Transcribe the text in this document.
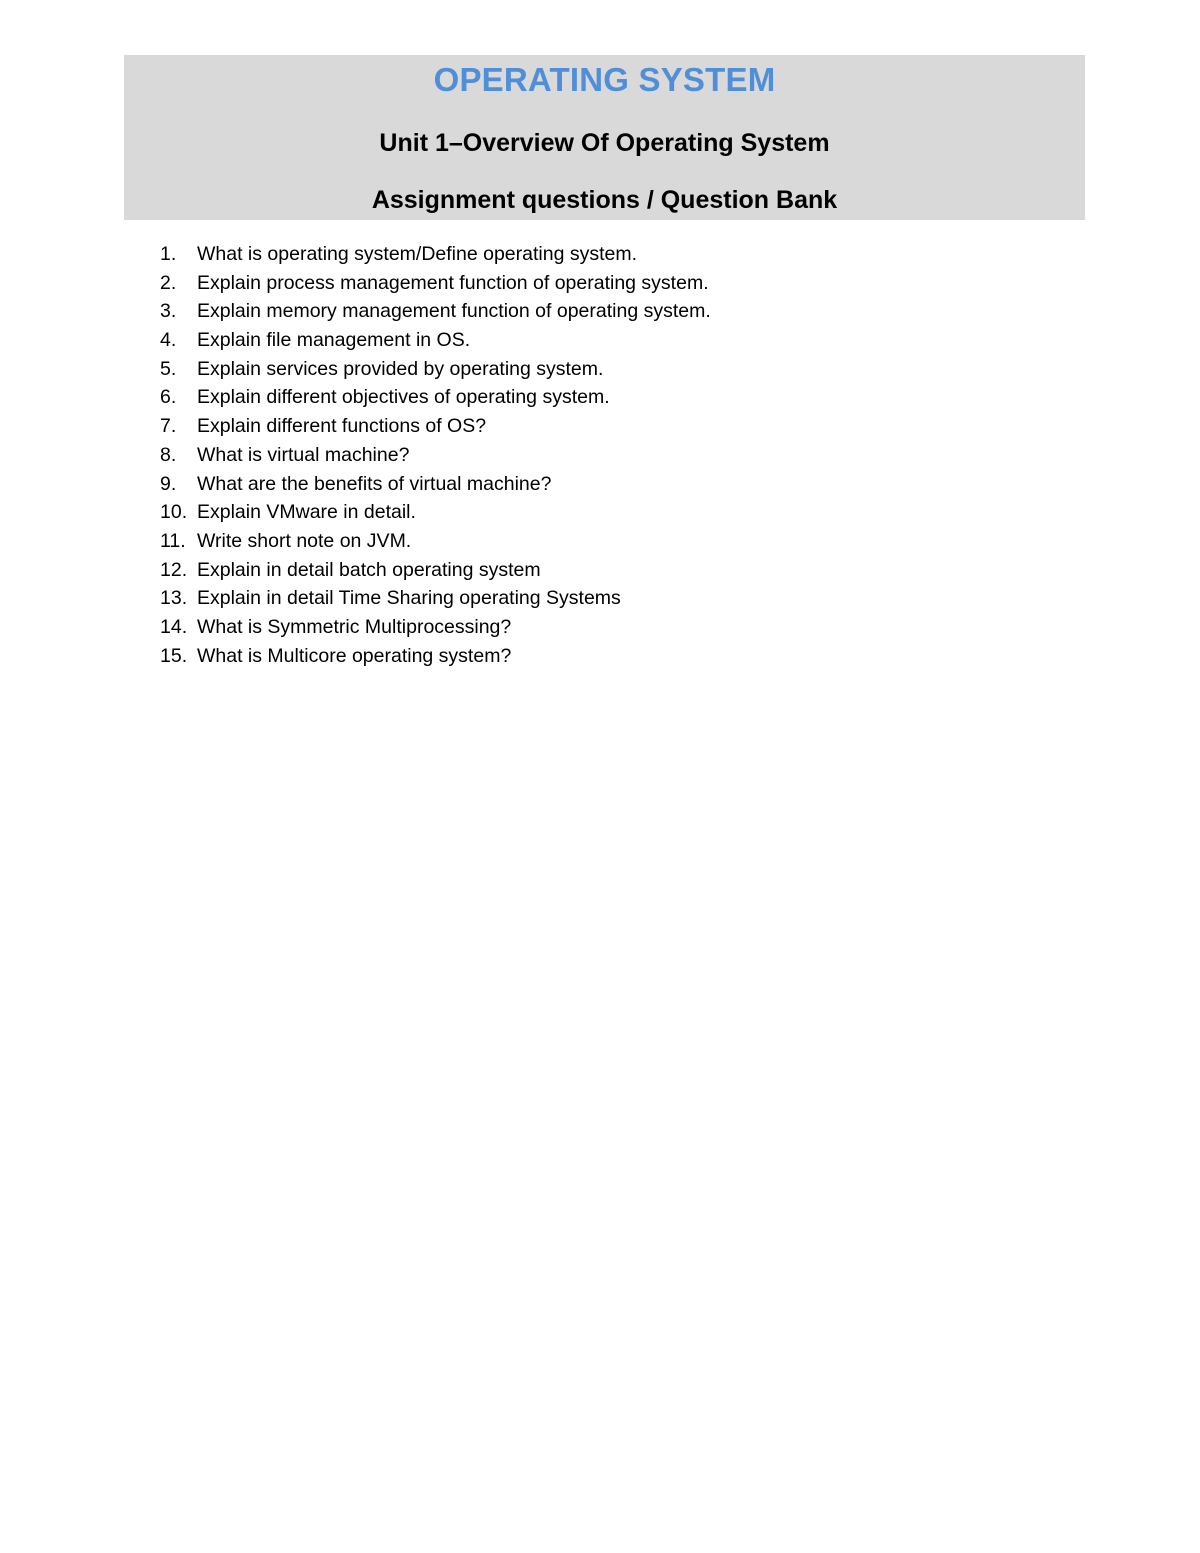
OPERATING SYSTEM
Unit 1–Overview Of Operating System
Assignment questions / Question Bank
1.	What is operating system/Define operating system.
2.	Explain process management function of operating system.
3.	Explain memory management function of operating system.
4.	Explain file management in OS.
5.	Explain services provided by operating system.
6.	Explain different objectives of operating system.
7.	Explain different functions of OS?
8.	What is virtual machine?
9.	What are the benefits of virtual machine?
10. Explain VMware in detail.
11. Write short note on JVM.
12. Explain in detail batch operating system
13. Explain in detail Time Sharing operating Systems
14. What is Symmetric Multiprocessing?
15. What is Multicore operating system?
